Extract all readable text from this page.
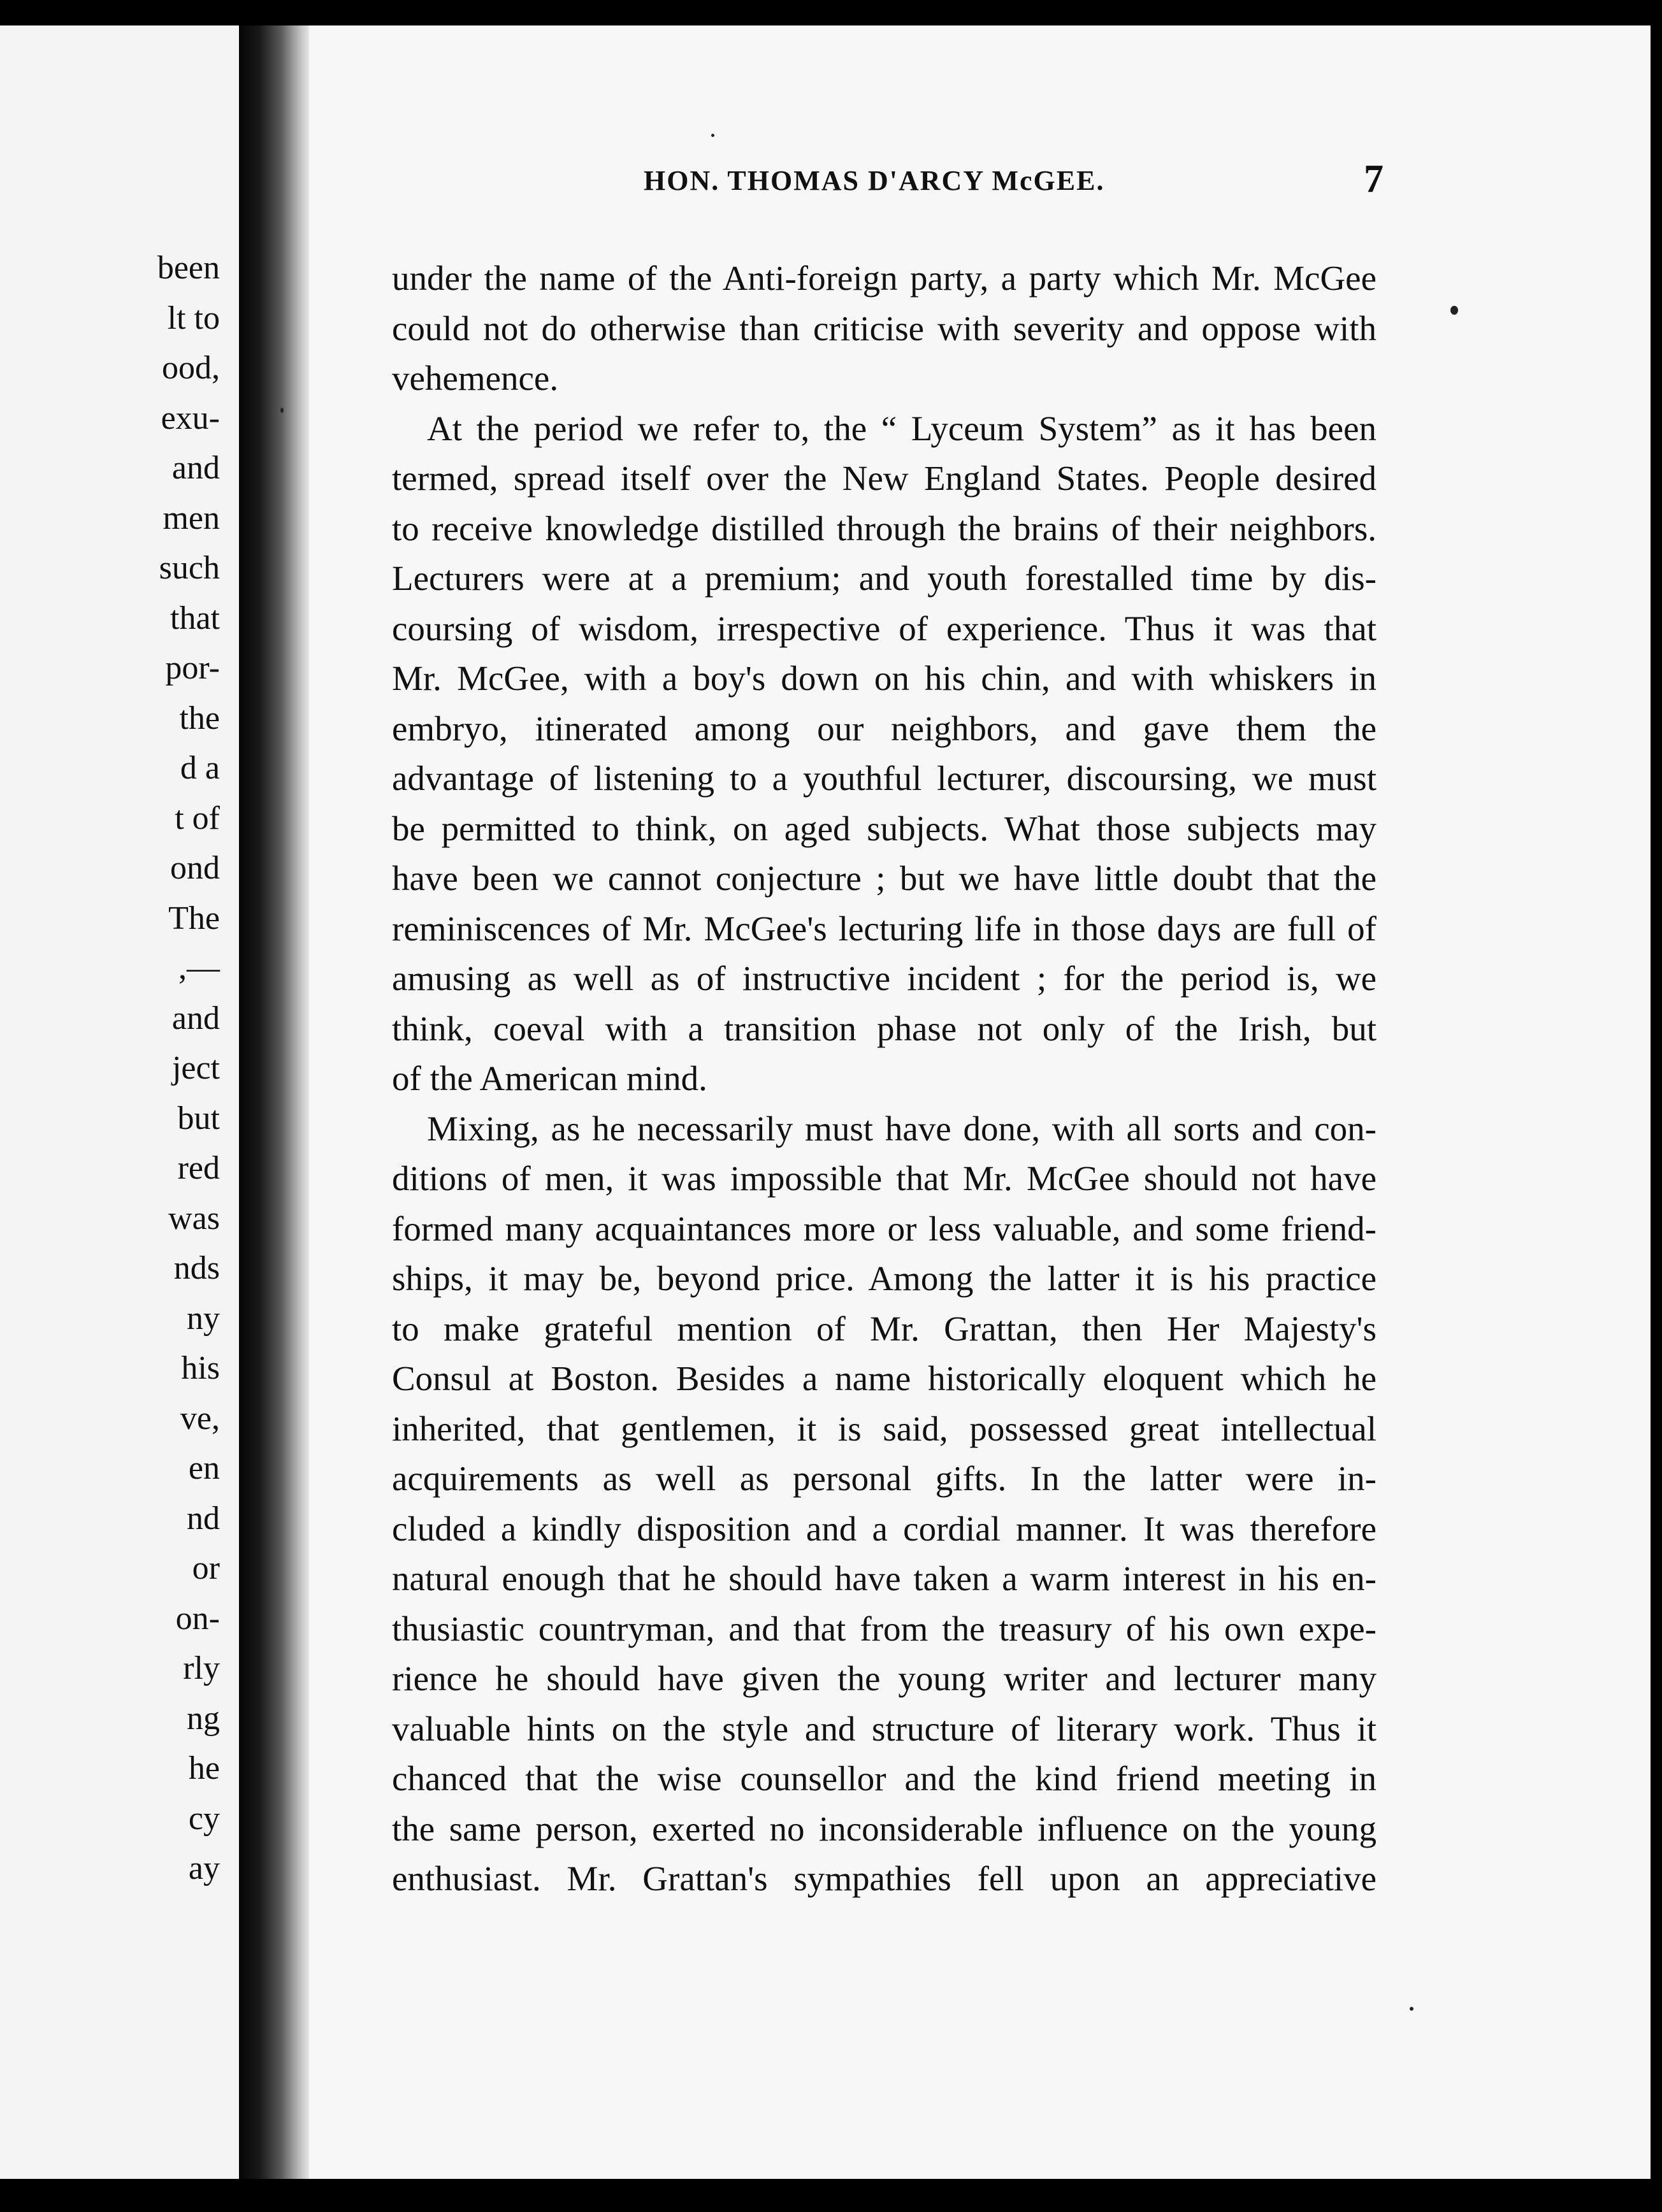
been
lt to
ood,
exu-
and
men
such
that
por-
the
d a
t of
ond
The
,—
and
ject
but
red
was
nds
ny
his
ve,
en
nd
or
on-
rly
ng
he
cy
ay
HON. THOMAS D'ARCY McGEE.	7
under the name of the Anti-foreign party, a party which Mr. McGee
could not do otherwise than criticise with severity and oppose with
vehemence.
At the period we refer to, the “ Lyceum System” as it has been
termed, spread itself over the New England States. People desired
to receive knowledge distilled through the brains of their neighbors.
Lecturers were at a premium; and youth forestalled time by dis-
coursing of wisdom, irrespective of experience. Thus it was that
Mr. McGee, with a boy's down on his chin, and with whiskers in
embryo, itinerated among our neighbors, and gave them the
advantage of listening to a youthful lecturer, discoursing, we must
be permitted to think, on aged subjects. What those subjects may
have been we cannot conjecture ; but we have little doubt that the
reminiscences of Mr. McGee's lecturing life in those days are full of
amusing as well as of instructive incident ; for the period is, we
think, coeval with a transition phase not only of the Irish, but
of the American mind.
Mixing, as he necessarily must have done, with all sorts and con-
ditions of men, it was impossible that Mr. McGee should not have
formed many acquaintances more or less valuable, and some friend-
ships, it may be, beyond price. Among the latter it is his practice
to make grateful mention of Mr. Grattan, then Her Majesty's
Consul at Boston. Besides a name historically eloquent which he
inherited, that gentlemen, it is said, possessed great intellectual
acquirements as well as personal gifts. In the latter were in-
cluded a kindly disposition and a cordial manner. It was therefore
natural enough that he should have taken a warm interest in his en-
thusiastic countryman, and that from the treasury of his own expe-
rience he should have given the young writer and lecturer many
valuable hints on the style and structure of literary work. Thus it
chanced that the wise counsellor and the kind friend meeting in
the same person, exerted no inconsiderable influence on the young
enthusiast. Mr. Grattan's sympathies fell upon an appreciative
